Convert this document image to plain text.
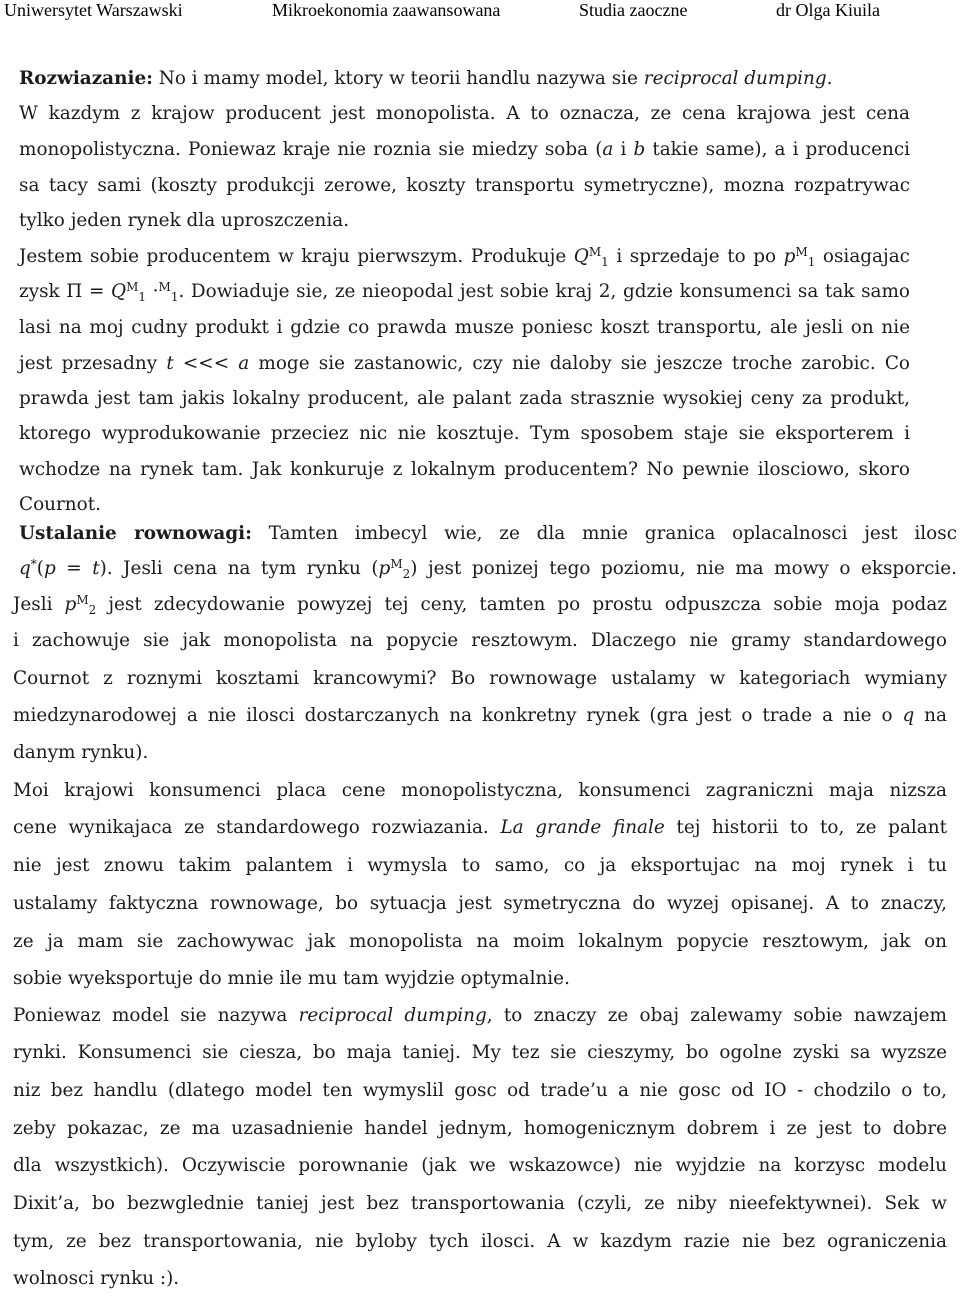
Uniwersytet Warszawski	Mikroekonomia zaawansowana	Studia zaoczne	dr Olga Kiuila
Rozwiazanie: No i mamy model, ktory w teorii handlu nazywa sie reciprocal dumping.
W kazdym z krajow producent jest monopolista. A to oznacza, ze cena krajowa jest cena
monopolistyczna. Poniewaz kraje nie roznia sie miedzy soba (a i b takie same), a i producenci
sa tacy sami (koszty produkcji zerowe, koszty transportu symetryczne), mozna rozpatrywac
tylko jeden rynek dla uproszczenia.
Jestem sobie producentem w kraju pierwszym. Produkuje $Q^M_1$ i sprzedaje to po $p^M_1$ osiagajac
zysk $\Pi = Q^M_1 \cdot^M_1$. Dowiaduje sie, ze nieopodal jest sobie kraj 2, gdzie konsumenci sa tak samo
lasi na moj cudny produkt i gdzie co prawda musze poniesc koszt transportu, ale jesli on nie
jest przesadny t <<< a moge sie zastanowic, czy nie daloby sie jeszcze troche zarobic. Co
prawda jest tam jakis lokalny producent, ale palant zada strasznie wysokiej ceny za produkt,
ktorego wyprodukowanie przeciez nic nie kosztuje. Tym sposobem staje sie eksporterem i
wchodze na rynek tam. Jak konkuruje z lokalnym producentem? No pewnie ilosciowo, skoro
Cournot.
Ustalanie rownowagi: Tamten imbecyl wie, ze dla mnie granica oplacalnosci jest ilosc
q*(p = t). Jesli cena na tym rynku $(p^M_2)$ jest ponizej tego poziomu, nie ma mowy o eksporcie.
Jesli $p^M_2$ jest zdecydowanie powyzej tej ceny, tamten po prostu odpuszcza sobie moja podaz
i zachowuje sie jak monopolista na popycie resztowym. Dlaczego nie gramy standardowego
Cournot z roznymi kosztami krancowymi? Bo rownowage ustalamy w kategoriach wymiany
miedzynarodowej a nie ilosci dostarczanych na konkretny rynek (gra jest o trade a nie o q na
danym rynku).
Moi krajowi konsumenci placa cene monopolistyczna, konsumenci zagraniczni maja nizsza
cene wynikajaca ze standardowego rozwiazania. La grande finale tej historii to to, ze palant
nie jest znowu takim palantem i wymysla to samo, co ja eksportujac na moj rynek i tu
ustalamy faktyczna rownowage, bo sytuacja jest symetryczna do wyzej opisanej. A to znaczy,
ze ja mam sie zachowywac jak monopolista na moim lokalnym popycie resztowym, jak on
sobie wyeksportuje do mnie ile mu tam wyjdzie optymalnie.
Poniewaz model sie nazywa reciprocal dumping, to znaczy ze obaj zalewamy sobie nawzajem
rynki. Konsumenci sie ciesza, bo maja taniej. My tez sie cieszymy, bo ogolne zyski sa wyzsze
niz bez handlu (dlatego model ten wymyslil gosc od trade’u a nie gosc od IO - chodzilo o to,
zeby pokazac, ze ma uzasadnienie handel jednym, homogenicznym dobrem i ze jest to dobre
dla wszystkich). Oczywiscie porownanie (jak we wskazowce) nie wyjdzie na korzysc modelu
Dixit’a, bo bezwglednie taniej jest bez transportowania (czyli, ze niby nieefektywnei). Sek w
tym, ze bez transportowania, nie byloby tych ilosci. A w kazdym razie nie bez ograniczenia
wolnosci rynku :).
